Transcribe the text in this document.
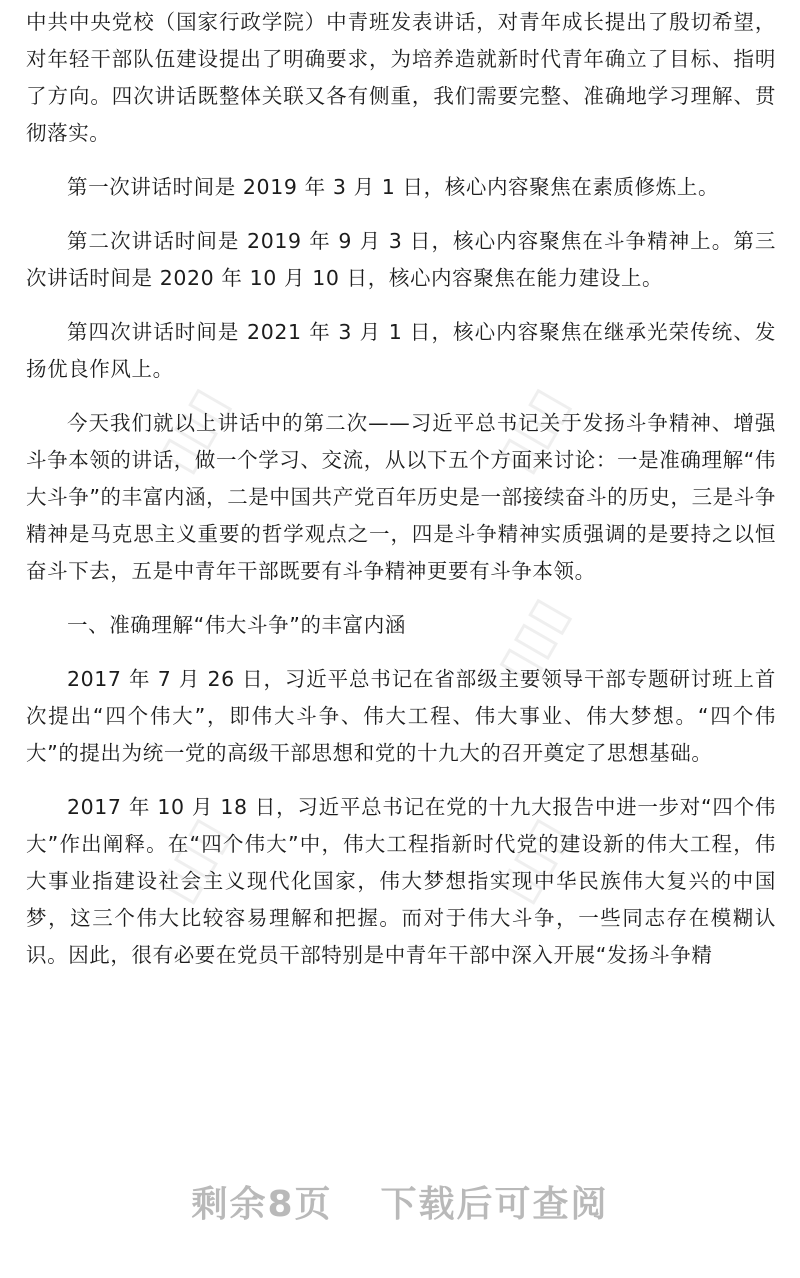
▯▯▯	▯▯▯
▯▯▯
▯▯▯	▯▯▯

中共中央党校（国家行政学院）中青班发表讲话，对青年成长提出了殷切希望，对年轻干部队伍建设提出了明确要求，为培养造就新时代青年确立了目标、指明了方向。四次讲话既整体关联又各有侧重，我们需要完整、准确地学习理解、贯彻落实。

第一次讲话时间是 2019 年 3 月 1 日，核心内容聚焦在素质修炼上。

第二次讲话时间是 2019 年 9 月 3 日，核心内容聚焦在斗争精神上。第三次讲话时间是 2020 年 10 月 10 日，核心内容聚焦在能力建设上。

第四次讲话时间是 2021 年 3 月 1 日，核心内容聚焦在继承光荣传统、发扬优良作风上。

今天我们就以上讲话中的第二次——习近平总书记关于发扬斗争精神、增强斗争本领的讲话，做一个学习、交流，从以下五个方面来讨论：一是准确理解“伟大斗争”的丰富内涵，二是中国共产党百年历史是一部接续奋斗的历史，三是斗争精神是马克思主义重要的哲学观点之一，四是斗争精神实质强调的是要持之以恒奋斗下去，五是中青年干部既要有斗争精神更要有斗争本领。

一、准确理解“伟大斗争”的丰富内涵

2017 年 7 月 26 日，习近平总书记在省部级主要领导干部专题研讨班上首次提出“四个伟大”，即伟大斗争、伟大工程、伟大事业、伟大梦想。“四个伟大”的提出为统一党的高级干部思想和党的十九大的召开奠定了思想基础。

2017 年 10 月 18 日，习近平总书记在党的十九大报告中进一步对“四个伟大”作出阐释。在“四个伟大”中，伟大工程指新时代党的建设新的伟大工程，伟大事业指建设社会主义现代化国家，伟大梦想指实现中华民族伟大复兴的中国梦，这三个伟大比较容易理解和把握。而对于伟大斗争，一些同志存在模糊认识。因此，很有必要在党员干部特别是中青年干部中深入开展“发扬斗争精

剩余8页 下载后可查阅
